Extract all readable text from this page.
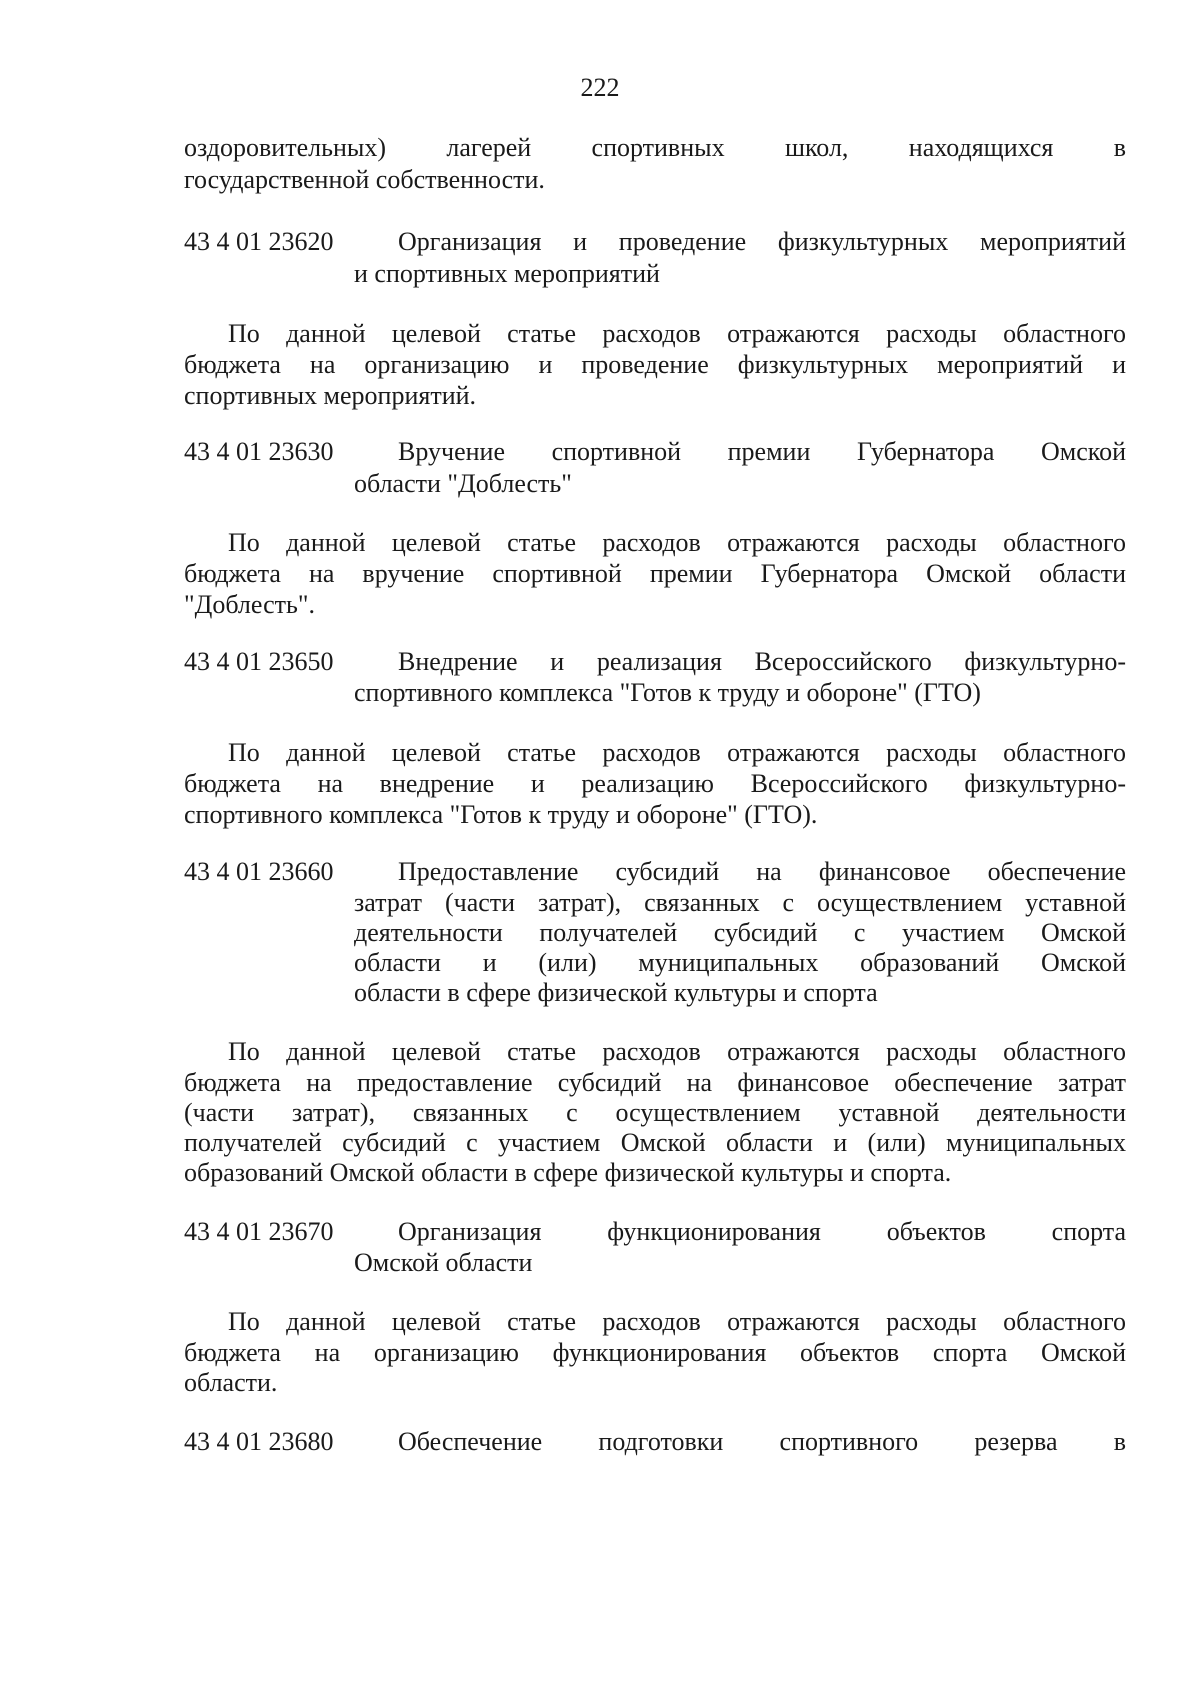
222
оздоровительных) лагерей спортивных школ, находящихся в
государственной собственности.
43 4 01 23620 Организация и проведение физкультурных мероприятий
и спортивных мероприятий
По данной целевой статье расходов отражаются расходы областного
бюджета на организацию и проведение физкультурных мероприятий и
спортивных мероприятий.
43 4 01 23630 Вручение спортивной премии Губернатора Омской
области "Доблесть"
По данной целевой статье расходов отражаются расходы областного
бюджета на вручение спортивной премии Губернатора Омской области
"Доблесть".
43 4 01 23650 Внедрение и реализация Всероссийского физкультурно-
спортивного комплекса "Готов к труду и обороне" (ГТО)
По данной целевой статье расходов отражаются расходы областного
бюджета на внедрение и реализацию Всероссийского физкультурно-
спортивного комплекса "Готов к труду и обороне" (ГТО).
43 4 01 23660 Предоставление субсидий на финансовое обеспечение
затрат (части затрат), связанных с осуществлением уставной
деятельности получателей субсидий с участием Омской
области и (или) муниципальных образований Омской
области в сфере физической культуры и спорта
По данной целевой статье расходов отражаются расходы областного
бюджета на предоставление субсидий на финансовое обеспечение затрат
(части затрат), связанных с осуществлением уставной деятельности
получателей субсидий с участием Омской области и (или) муниципальных
образований Омской области в сфере физической культуры и спорта.
43 4 01 23670 Организация функционирования объектов спорта
Омской области
По данной целевой статье расходов отражаются расходы областного
бюджета на организацию функционирования объектов спорта Омской
области.
43 4 01 23680 Обеспечение подготовки спортивного резерва в
